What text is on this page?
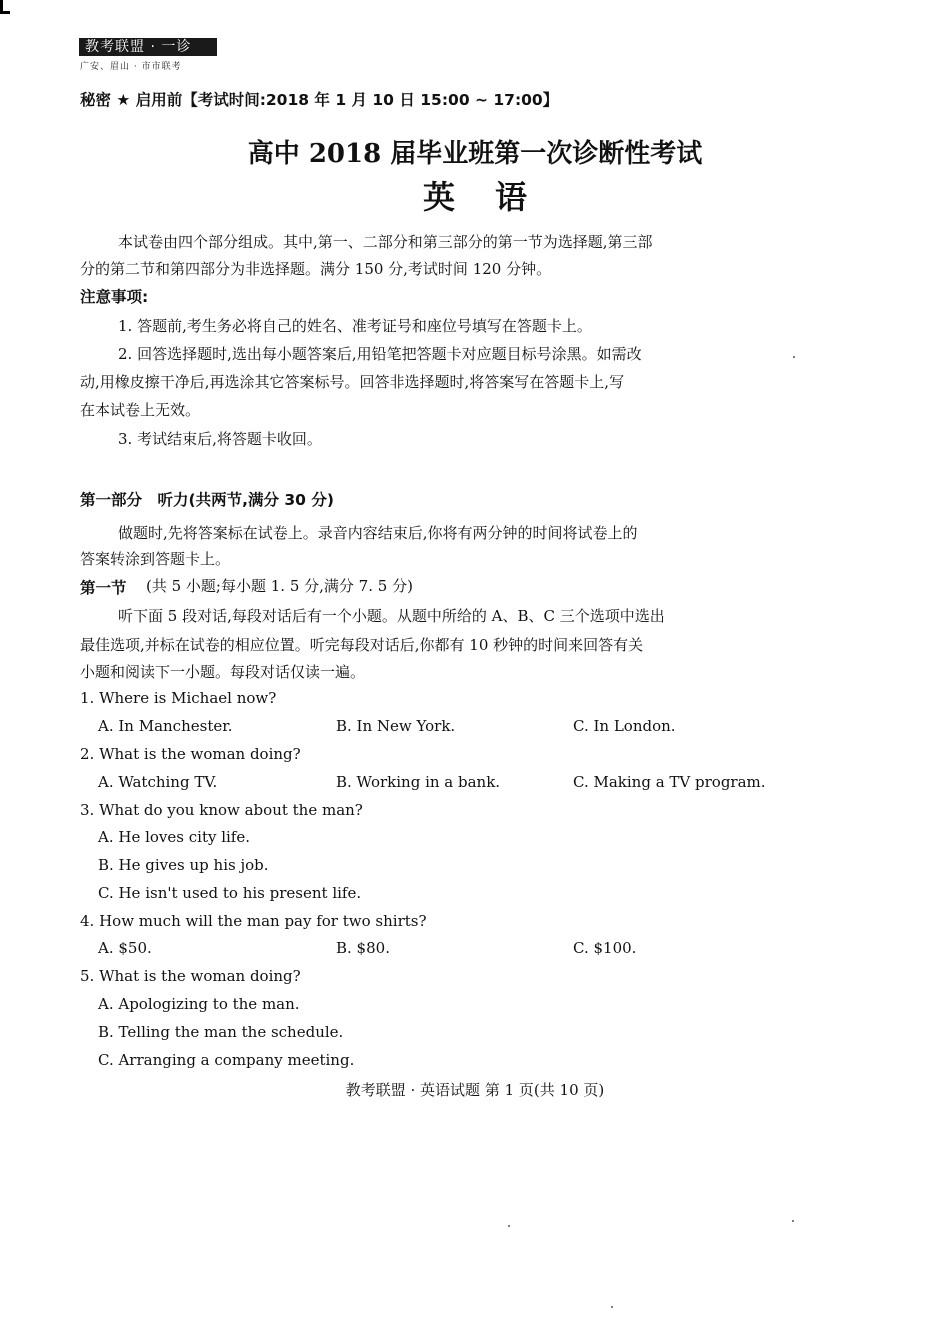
教考联盟 · 一诊
广安、眉山 · 市市联考
秘密 ★ 启用前【考试时间:2018 年 1 月 10 日 15:00 ~ 17:00】
高中 2018 届毕业班第一次诊断性考试
英语
本试卷由四个部分组成。其中,第一、二部分和第三部分的第一节为选择题,第三部
分的第二节和第四部分为非选择题。满分 150 分,考试时间 120 分钟。
注意事项:
1. 答题前,考生务必将自己的姓名、准考证号和座位号填写在答题卡上。
2. 回答选择题时,选出每小题答案后,用铅笔把答题卡对应题目标号涂黑。如需改
动,用橡皮擦干净后,再选涂其它答案标号。回答非选择题时,将答案写在答题卡上,写
在本试卷上无效。
3. 考试结束后,将答题卡收回。
第一部分　听力(共两节,满分 30 分)
做题时,先将答案标在试卷上。录音内容结束后,你将有两分钟的时间将试卷上的
答案转涂到答题卡上。
第一节 (共 5 小题;每小题 1. 5 分,满分 7. 5 分)
听下面 5 段对话,每段对话后有一个小题。从题中所给的 A、B、C 三个选项中选出
最佳选项,并标在试卷的相应位置。听完每段对话后,你都有 10 秒钟的时间来回答有关
小题和阅读下一小题。每段对话仅读一遍。
1. Where is Michael now?
A. In Manchester.	B. In New York.	C. In London.
2. What is the woman doing?
A. Watching TV.	B. Working in a bank.	C. Making a TV program.
3. What do you know about the man?
A. He loves city life.
B. He gives up his job.
C. He isn't used to his present life.
4. How much will the man pay for two shirts?
A. $50.	B. $80.	C. $100.
5. What is the woman doing?
A. Apologizing to the man.
B. Telling the man the schedule.
C. Arranging a company meeting.
教考联盟 · 英语试题 第 1 页(共 10 页)
